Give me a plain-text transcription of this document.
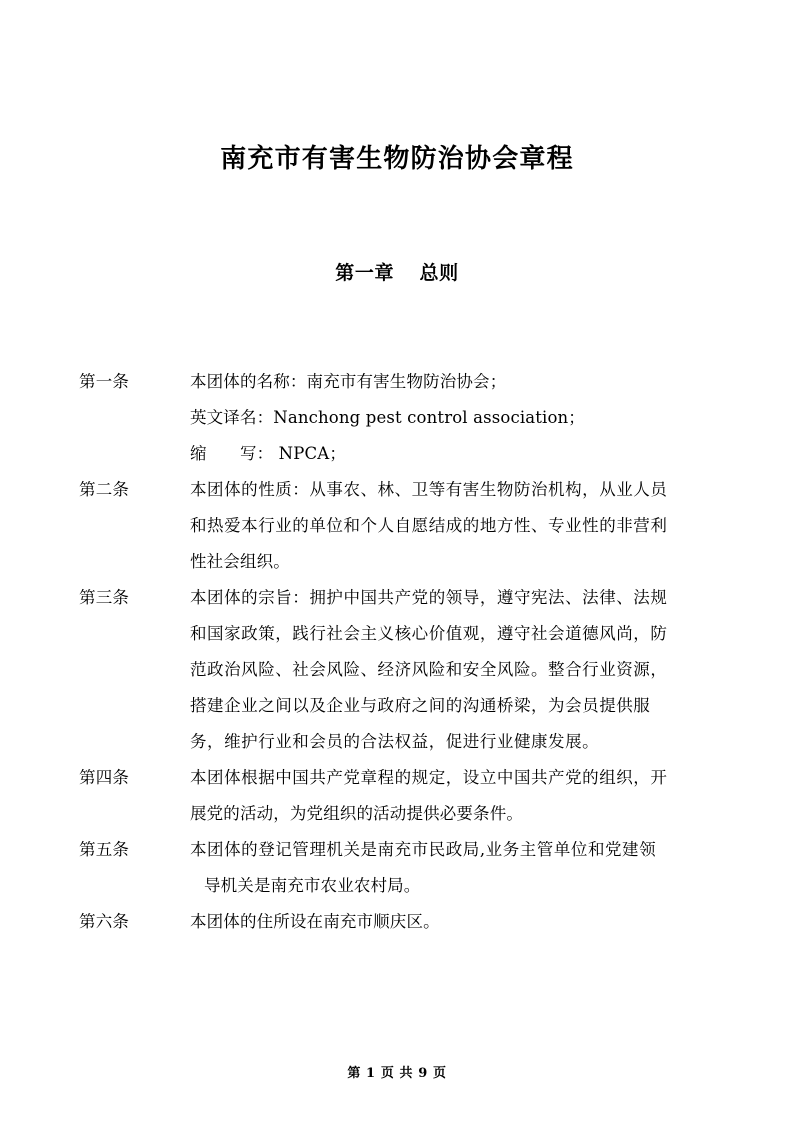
南充市有害生物防治协会章程
第一章　 总则
第一条	本团体的名称：南充市有害生物防治协会；
英文译名：Nanchong pest control association；
缩　　写： NPCA；
第二条	本团体的性质：从事农、林、卫等有害生物防治机构，从业人员
和热爱本行业的单位和个人自愿结成的地方性、专业性的非营利
性社会组织。
第三条	本团体的宗旨：拥护中国共产党的领导，遵守宪法、法律、法规
和国家政策，践行社会主义核心价值观，遵守社会道德风尚，防
范政治风险、社会风险、经济风险和安全风险。整合行业资源，
搭建企业之间以及企业与政府之间的沟通桥梁，为会员提供服
务，维护行业和会员的合法权益，促进行业健康发展。
第四条	本团体根据中国共产党章程的规定，设立中国共产党的组织，开
展党的活动，为党组织的活动提供必要条件。
第五条	本团体的登记管理机关是南充市民政局,业务主管单位和党建领
导机关是南充市农业农村局。
第六条	本团体的住所设在南充市顺庆区。
第 1 页 共 9 页
